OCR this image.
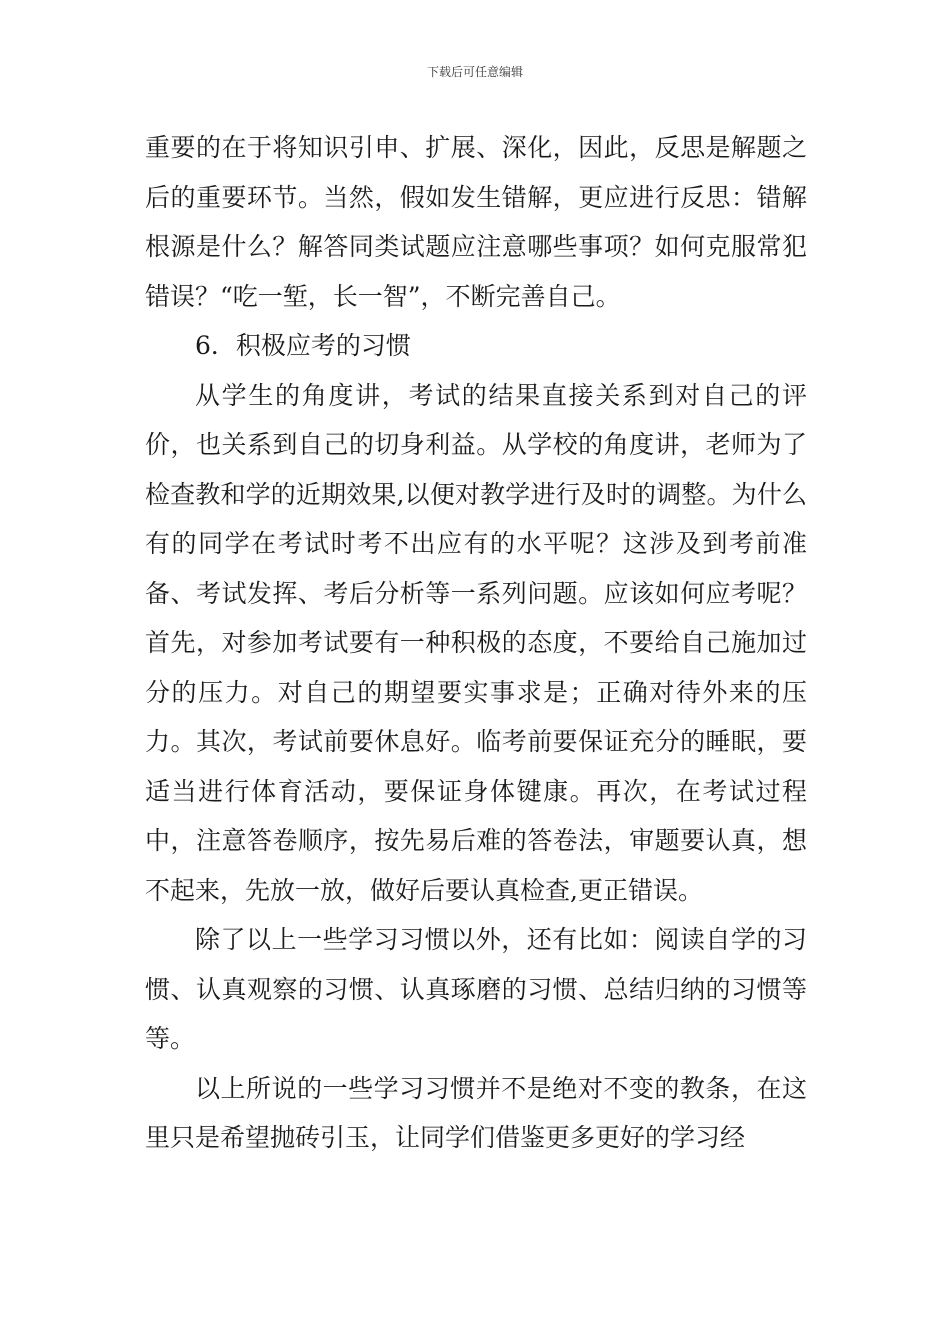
下载后可任意编辑

重要的在于将知识引申、扩展、深化，因此，反思是解题之后的重要环节。当然，假如发生错解，更应进行反思：错解根源是什么？解答同类试题应注意哪些事项？如何克服常犯错误？“吃一堑，长一智”，不断完善自己。

6．积极应考的习惯

从学生的角度讲，考试的结果直接关系到对自己的评价，也关系到自己的切身利益。从学校的角度讲，老师为了检查教和学的近期效果,以便对教学进行及时的调整。为什么有的同学在考试时考不出应有的水平呢？这涉及到考前准备、考试发挥、考后分析等一系列问题。应该如何应考呢？首先，对参加考试要有一种积极的态度，不要给自己施加过分的压力。对自己的期望要实事求是；正确对待外来的压力。其次，考试前要休息好。临考前要保证充分的睡眠，要适当进行体育活动，要保证身体键康。再次，在考试过程中，注意答卷顺序，按先易后难的答卷法，审题要认真，想不起来，先放一放，做好后要认真检查,更正错误。

除了以上一些学习习惯以外，还有比如：阅读自学的习惯、认真观察的习惯、认真琢磨的习惯、总结归纳的习惯等等。

以上所说的一些学习习惯并不是绝对不变的教条，在这里只是希望抛砖引玉，让同学们借鉴更多更好的学习经
